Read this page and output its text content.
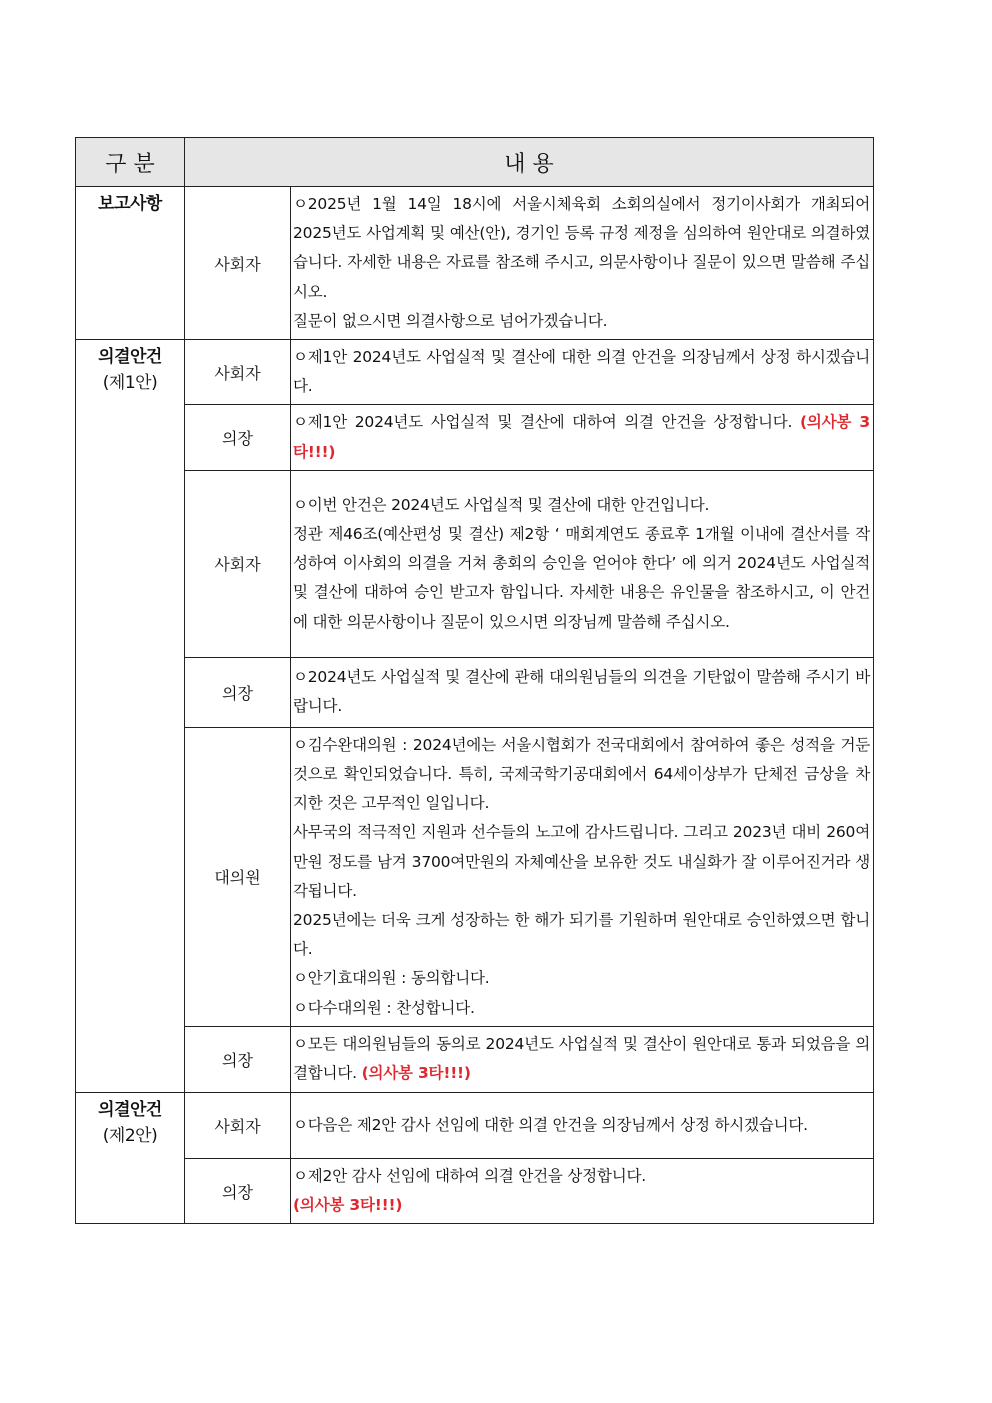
구 분	내 용	

보고사항	사회자	ㅇ2025년 1월 14일 18시에 서울시체육회 소회의실에서 정기이사회가 개최되어 2025년도 사업계획 및 예산(안), 경기인 등록 규정 제정을 심의하여 원안대로 의결하였습니다. 자세한 내용은 자료를 참조해 주시고, 의문사항이나 질문이 있으면 말씀해 주십시오.

질문이 없으시면 의결사항으로 넘어가겠습니다.

의결안건
(제1안)	사회자	ㅇ제1안 2024년도 사업실적 및 결산에 대한 의결 안건을 의장님께서 상정 하시겠습니다.

	의장	ㅇ제1안 2024년도 사업실적 및 결산에 대하여 의결 안건을 상정합니다. (의사봉 3타!!!)

	사회자	ㅇ이번 안건은 2024년도 사업실적 및 결산에 대한 안건입니다.

정관 제46조(예산편성 및 결산) 제2항 ‘ 매회계연도 종료후 1개월 이내에 결산서를 작성하여 이사회의 의결을 거쳐 총회의 승인을 얻어야 한다’ 에 의거 2024년도 사업실적 및 결산에 대하여 승인 받고자 함입니다. 자세한 내용은 유인물을 참조하시고, 이 안건에 대한 의문사항이나 질문이 있으시면 의장님께 말씀해 주십시오.

	의장	ㅇ2024년도 사업실적 및 결산에 관해 대의원님들의 의견을 기탄없이 말씀해 주시기 바랍니다.

	대의원	ㅇ김수완대의원 : 2024년에는 서울시협회가 전국대회에서 참여하여 좋은 성적을 거둔 것으로 확인되었습니다. 특히, 국제국학기공대회에서 64세이상부가 단체전 금상을 차지한 것은 고무적인 일입니다.

사무국의 적극적인 지원과 선수들의 노고에 감사드립니다. 그리고 2023년 대비 260여만원 정도를 남겨 3700여만원의 자체예산을 보유한 것도 내실화가 잘 이루어진거라 생각됩니다.

2025년에는 더욱 크게 성장하는 한 해가 되기를 기원하며 원안대로 승인하였으면 합니다.

ㅇ안기효대의원 : 동의합니다.

ㅇ다수대의원 : 찬성합니다.

	의장	ㅇ모든 대의원님들의 동의로 2024년도 사업실적 및 결산이 원안대로 통과 되었음을 의결합니다. (의사봉 3타!!!)

의결안건
(제2안)	사회자	ㅇ다음은 제2안 감사 선임에 대한 의결 안건을 의장님께서 상정 하시겠습니다.

	의장	ㅇ제2안 감사 선임에 대하여 의결 안건을 상정합니다.
(의사봉 3타!!!)
